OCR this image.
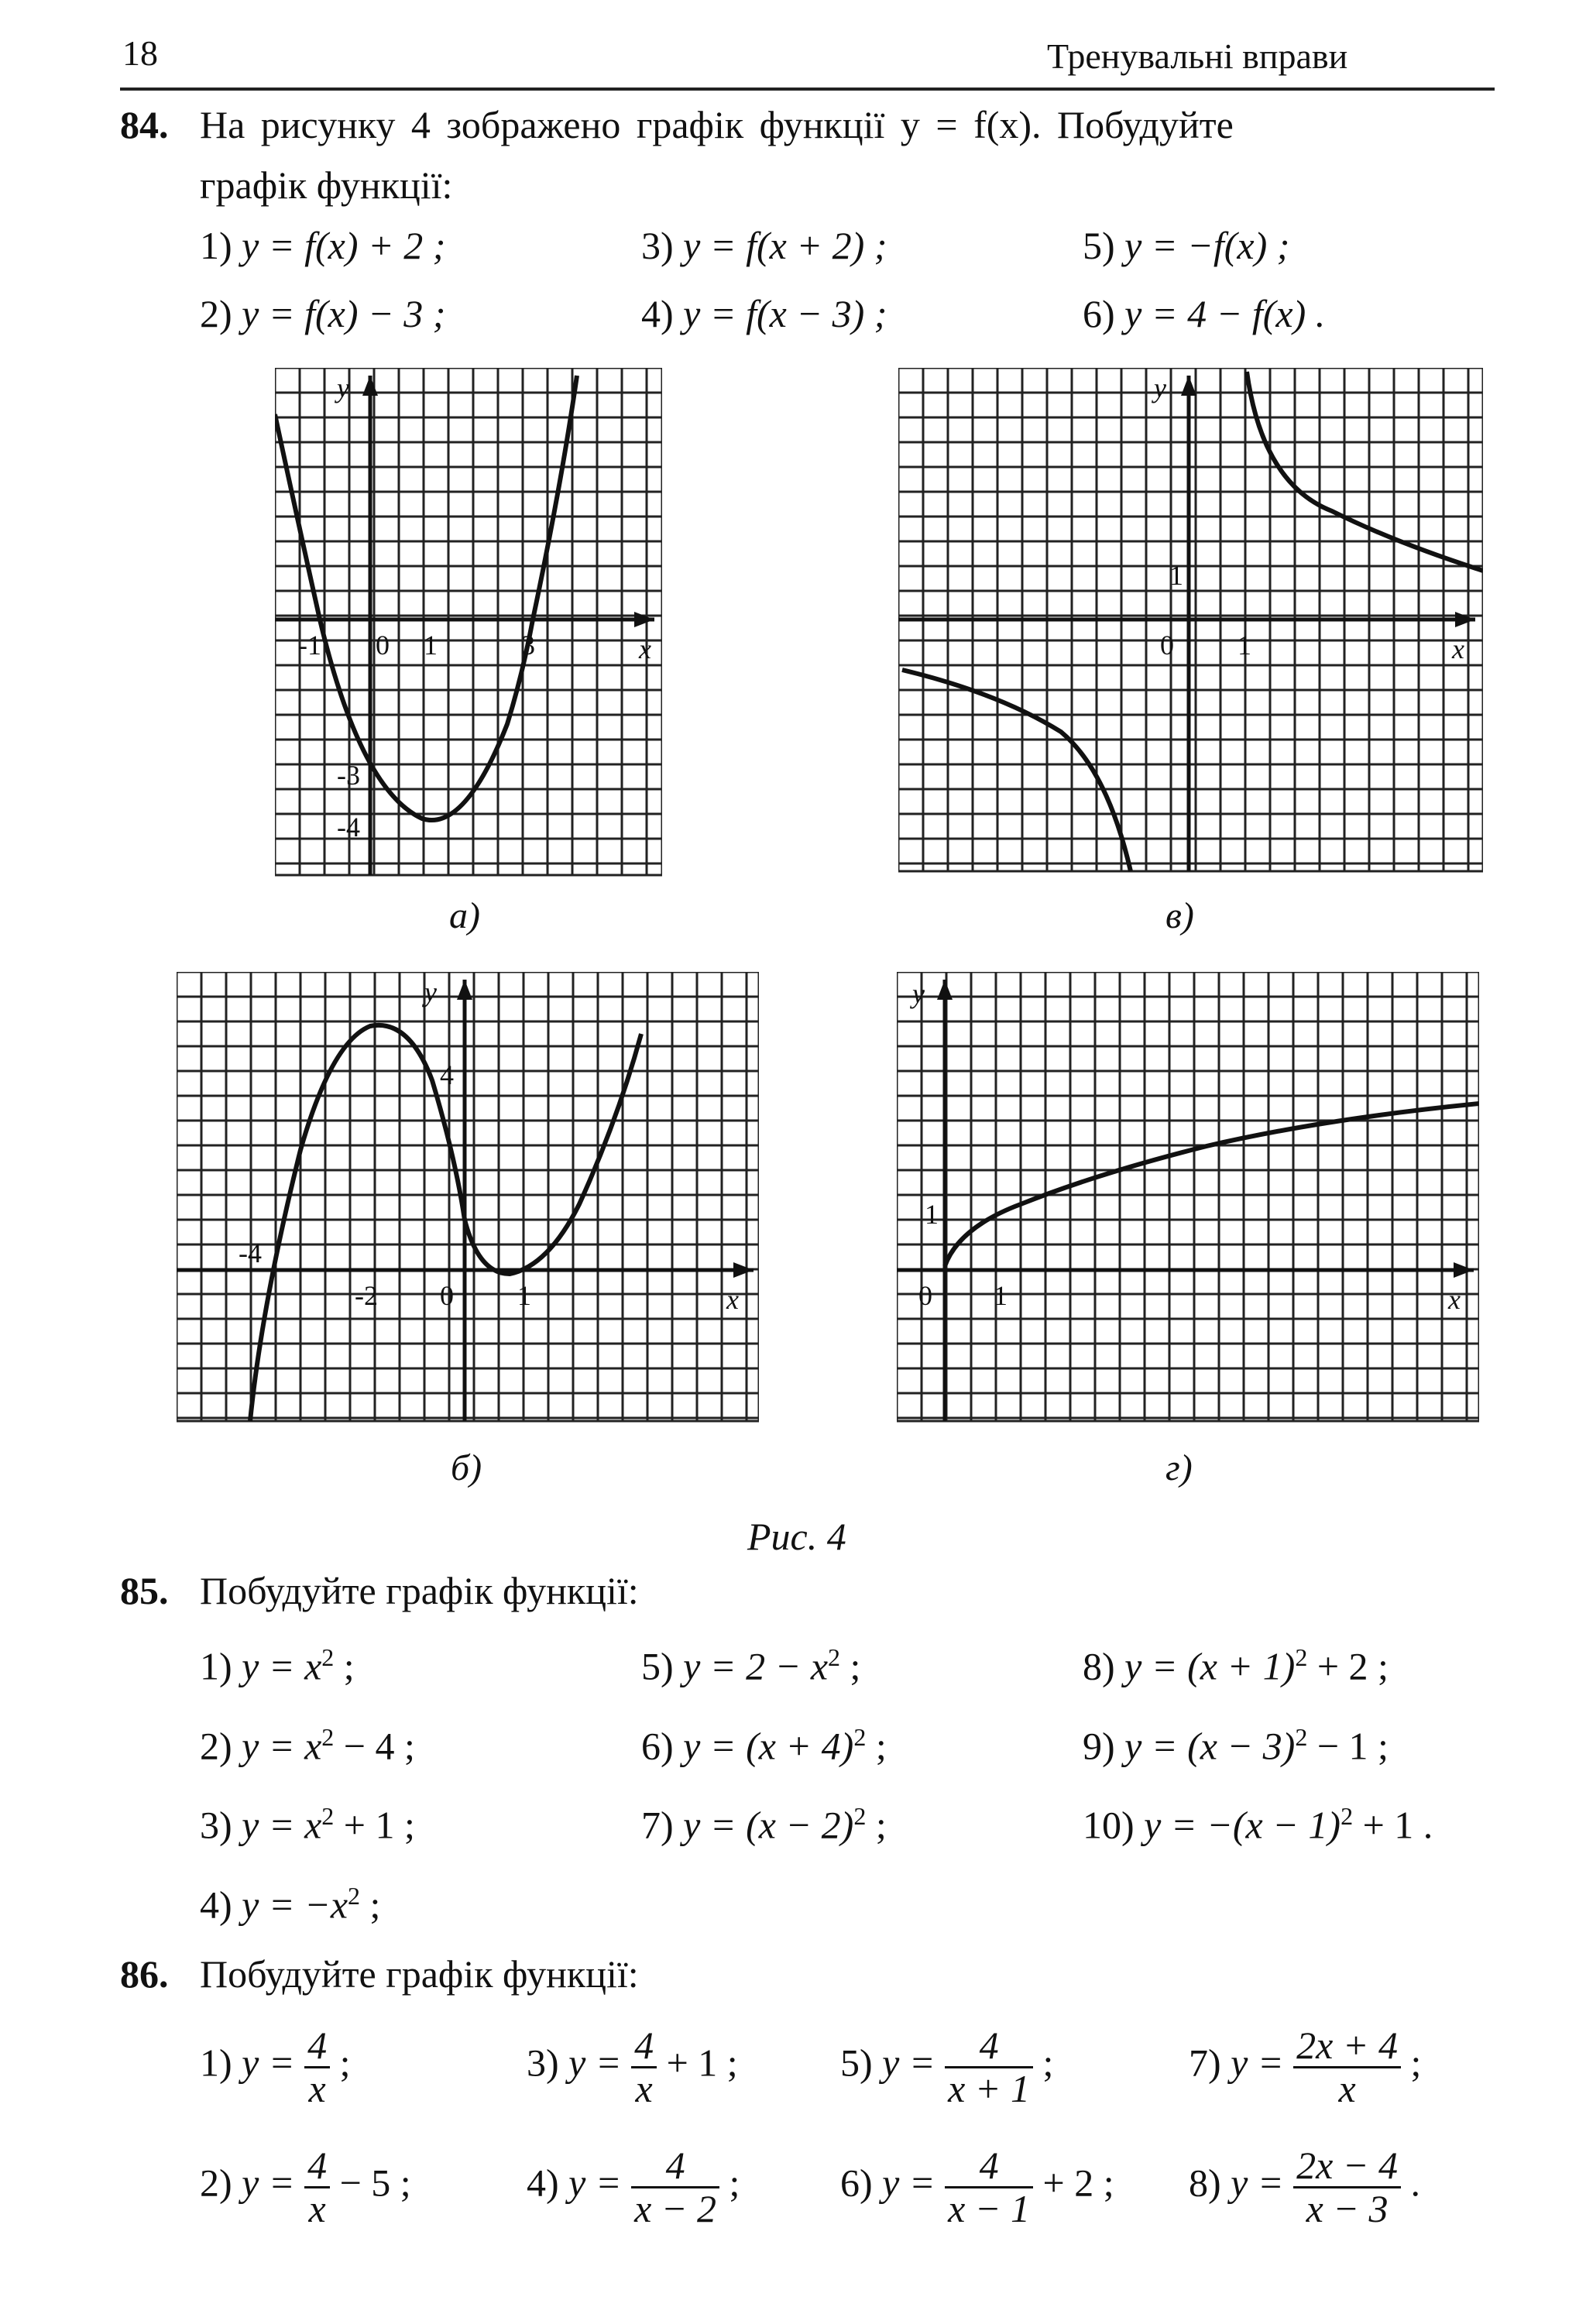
18	Тренувальні вправи
84. На рисунку 4 зображено графік функції y = f(x). Побудуйте
графік функції:
1) y = f(x) + 2 ;	3) y = f(x + 2) ;	5) y = −f(x) ;
2) y = f(x) − 3 ;	4) y = f(x − 3) ;	6) y = 4 − f(x) .
y
x
-1 0 1	3
-3
-4
а)
y
x
0 1
1
в)
y
x
-4
-2 0 1
4
б)
y
x
0 1
1
г)
Рис. 4
85. Побудуйте графік функції:
1) $y = x^2$ ;	5) $y = 2 - x^2$ ;	8) $y = (x + 1)^2 + 2$ ;
2) $y = x^2 - 4$ ;	6) $y = (x + 4)^2$ ;	9) $y = (x - 3)^2 - 1$ ;
3) $y = x^2 + 1$ ;	7) $y = (x - 2)^2$ ;	10) $y = -(x - 1)^2 + 1$ .
4) $y = -x^2$ ;
86. Побудуйте графік функції:
1) $y = \frac{4}{x}$ ;	3) $y = \frac{4}{x} + 1$ ;	5) $y = \frac{4}{x + 1}$ ;	7) $y = \frac{2x + 4}{x}$ ;
2) $y = \frac{4}{x} - 5$ ;	4) $y = \frac{4}{x - 2}$ ;	6) $y = \frac{4}{x - 1} + 2$ ; 8) $y = \frac{2x - 4}{x - 3}$ .
